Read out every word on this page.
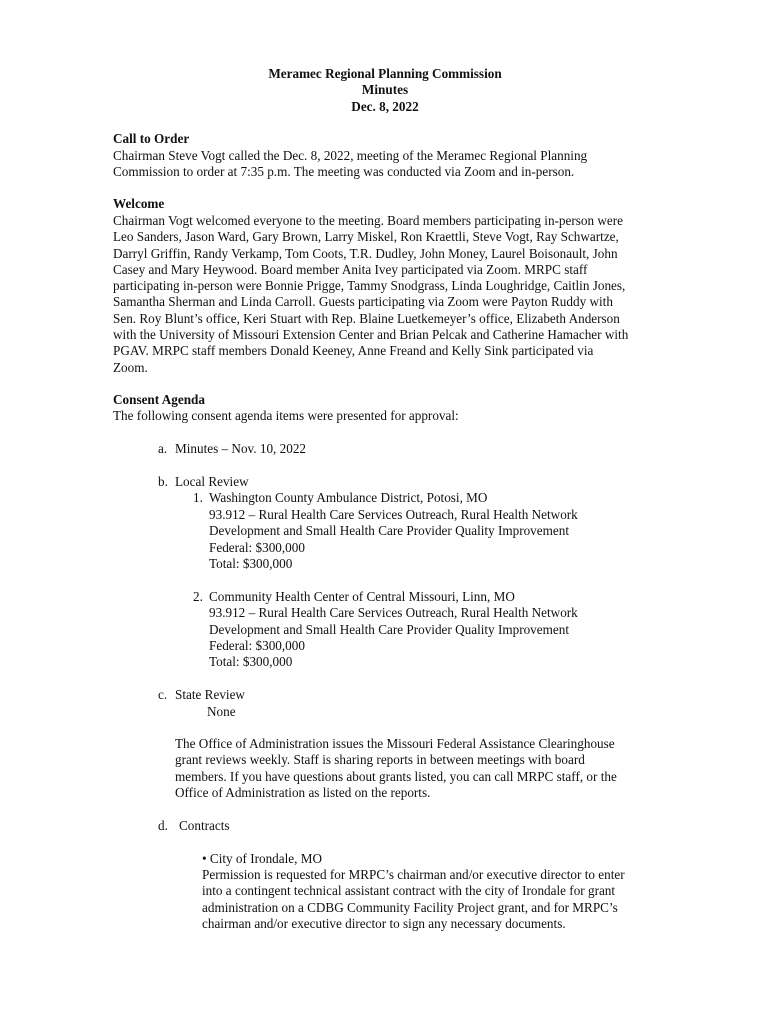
Meramec Regional Planning Commission
Minutes
Dec. 8, 2022
Call to Order
Chairman Steve Vogt called the Dec. 8, 2022, meeting of the Meramec Regional Planning
Commission to order at 7:35 p.m. The meeting was conducted via Zoom and in-person.
Welcome
Chairman Vogt welcomed everyone to the meeting. Board members participating in-person were
Leo Sanders, Jason Ward, Gary Brown, Larry Miskel, Ron Kraettli, Steve Vogt, Ray Schwartze,
Darryl Griffin, Randy Verkamp, Tom Coots, T.R. Dudley, John Money, Laurel Boisonault, John
Casey and Mary Heywood. Board member Anita Ivey participated via Zoom. MRPC staff
participating in-person were Bonnie Prigge, Tammy Snodgrass, Linda Loughridge, Caitlin Jones,
Samantha Sherman and Linda Carroll. Guests participating via Zoom were Payton Ruddy with
Sen. Roy Blunt’s office, Keri Stuart with Rep. Blaine Luetkemeyer’s office, Elizabeth Anderson
with the University of Missouri Extension Center and Brian Pelcak and Catherine Hamacher with
PGAV. MRPC staff members Donald Keeney, Anne Freand and Kelly Sink participated via
Zoom.
Consent Agenda
The following consent agenda items were presented for approval:
a. Minutes – Nov. 10, 2022
b. Local Review
1. Washington County Ambulance District, Potosi, MO
93.912 – Rural Health Care Services Outreach, Rural Health Network
Development and Small Health Care Provider Quality Improvement
Federal: $300,000
Total: $300,000
2. Community Health Center of Central Missouri, Linn, MO
93.912 – Rural Health Care Services Outreach, Rural Health Network
Development and Small Health Care Provider Quality Improvement
Federal: $300,000
Total: $300,000
c. State Review
None
The Office of Administration issues the Missouri Federal Assistance Clearinghouse
grant reviews weekly. Staff is sharing reports in between meetings with board
members. If you have questions about grants listed, you can call MRPC staff, or the
Office of Administration as listed on the reports.
d. Contracts
• City of Irondale, MO
Permission is requested for MRPC’s chairman and/or executive director to enter
into a contingent technical assistant contract with the city of Irondale for grant
administration on a CDBG Community Facility Project grant, and for MRPC’s
chairman and/or executive director to sign any necessary documents.
